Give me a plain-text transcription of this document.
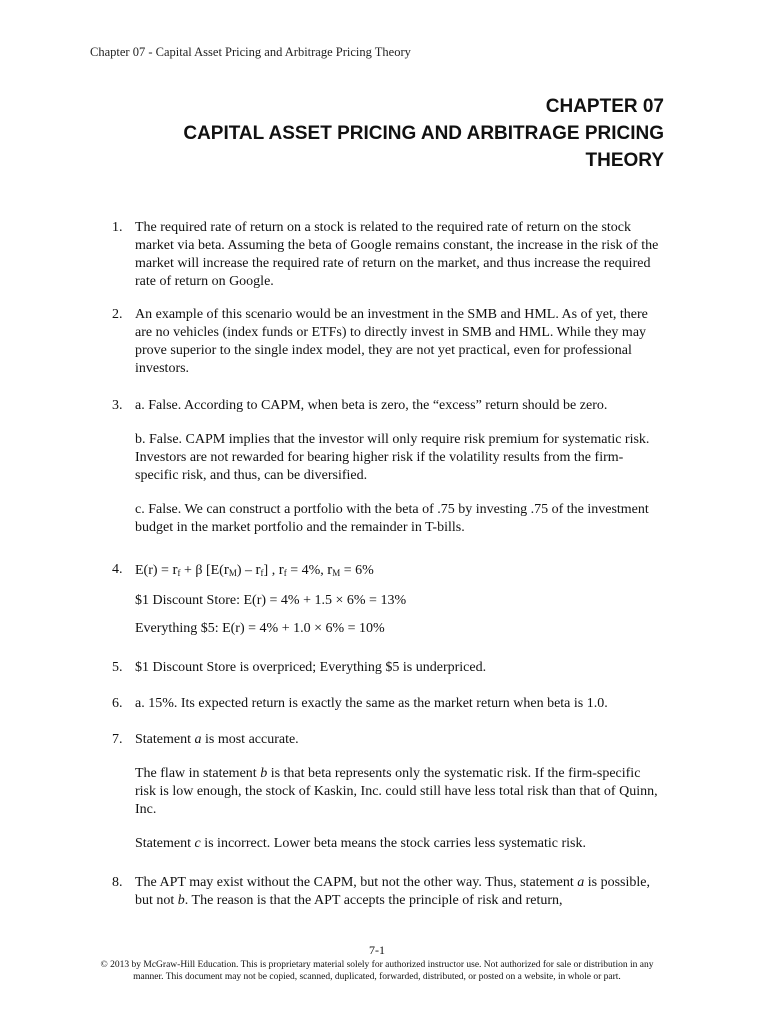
Chapter 07 - Capital Asset Pricing and Arbitrage Pricing Theory
CHAPTER 07
CAPITAL ASSET PRICING AND ARBITRAGE PRICING
THEORY
1. The required rate of return on a stock is related to the required rate of return on the stock market via beta. Assuming the beta of Google remains constant, the increase in the risk of the market will increase the required rate of return on the market, and thus increase the required rate of return on Google.

2. An example of this scenario would be an investment in the SMB and HML. As of yet, there are no vehicles (index funds or ETFs) to directly invest in SMB and HML. While they may prove superior to the single index model, they are not yet practical, even for professional investors.

3. a. False. According to CAPM, when beta is zero, the “excess” return should be zero.

b. False. CAPM implies that the investor will only require risk premium for systematic risk. Investors are not rewarded for bearing higher risk if the volatility results from the firm-specific risk, and thus, can be diversified.

c. False. We can construct a portfolio with the beta of .75 by investing .75 of the investment budget in the market portfolio and the remainder in T-bills.

4. $E(r) = r_f + \beta$ $[E(r_M) - r_f]$ , $r_f = 4\%$, $r_M = 6\%$

$1 Discount Store: E(r) = 4% + 1.5 × 6% = 13%

Everything $5: E(r) = 4% + 1.0 × 6% = 10%

5. $1 Discount Store is overpriced; Everything $5 is underpriced.

6. a. 15%. Its expected return is exactly the same as the market return when beta is 1.0.

7. Statement a is most accurate.

The flaw in statement b is that beta represents only the systematic risk. If the firm-specific risk is low enough, the stock of Kaskin, Inc. could still have less total risk than that of Quinn, Inc.

Statement c is incorrect. Lower beta means the stock carries less systematic risk.

8. The APT may exist without the CAPM, but not the other way. Thus, statement a is possible, but not b. The reason is that the APT accepts the principle of risk and return,

7-1
© 2013 by McGraw-Hill Education. This is proprietary material solely for authorized instructor use. Not authorized for sale or distribution in any manner. This document may not be copied, scanned, duplicated, forwarded, distributed, or posted on a website, in whole or part.
